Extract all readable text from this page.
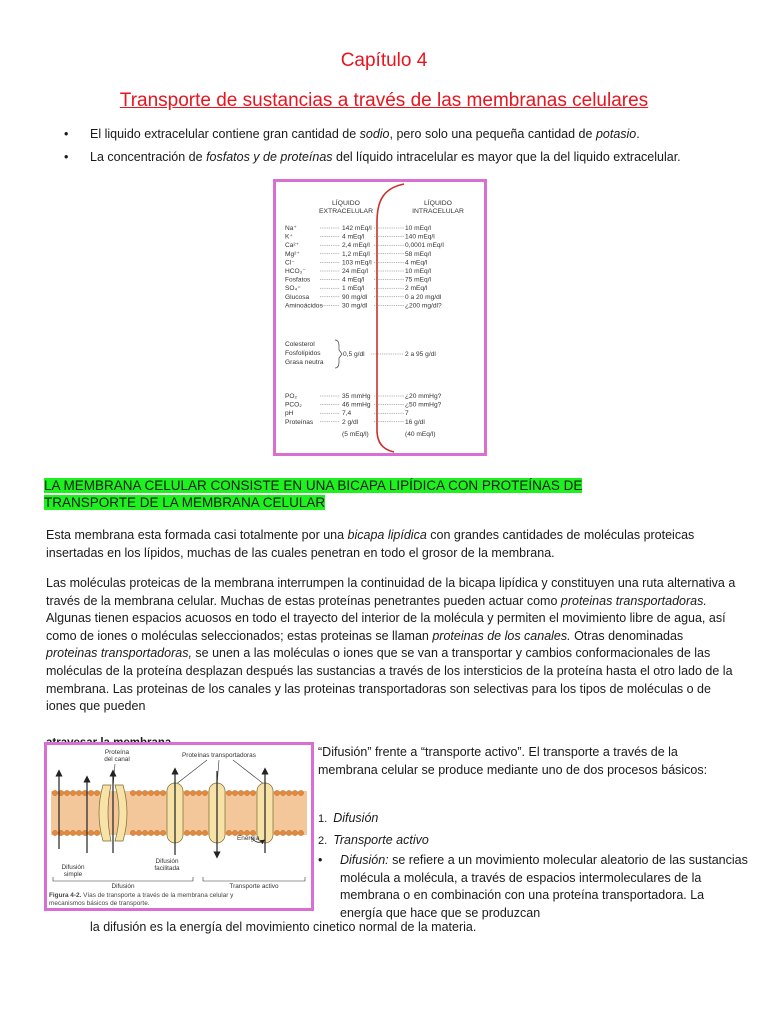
Capítulo 4
Transporte de sustancias a través de las membranas celulares
• El liquido extracelular contiene gran cantidad de sodio, pero solo una pequeña cantidad de potasio.
• La concentración de fosfatos y de proteínas del líquido intracelular es mayor que la del liquido extracelular.
LÍQUIDO
EXTRACELULAR
LÍQUIDO
INTRACELULAR
Na⁺	142 mEq/l	10 mEq/l
K⁺	4 mEq/l	140 mEq/l
Ca²⁺	2,4 mEq/l	0,0001 mEq/l
Mg²⁺	1,2 mEq/l	58 mEq/l
Cl⁻	103 mEq/l	4 mEq/l
HCO₃⁻	24 mEq/l	10 mEq/l
Fosfatos	4 mEq/l	75 mEq/l
SO₄⁼	1 mEq/l	2 mEq/l
Glucosa	90 mg/dl	0 a 20 mg/dl
Aminoácidos	30 mg/dl	¿200 mg/dl?
Colesterol
Fosfolípidos
Grasa neutra
0,5 g/dl	2 a 95 g/dl
PO₂	35 mmHg	¿20 mmHg?
PCO₂	46 mmHg	¿50 mmHg?
pH	7,4	7
Proteínas	2 g/dl	16 g/dl
(5 mEq/l)	(40 mEq/l)
LA MEMBRANA CELULAR CONSISTE EN UNA BICAPA LIPÍDICA CON PROTEÍNAS DE
TRANSPORTE DE LA MEMBRANA CELULAR
Esta membrana esta formada casi totalmente por una bicapa lipídica con grandes cantidades de moléculas proteicas insertadas en los lípidos, muchas de las cuales penetran en todo el grosor de la membrana.
Las moléculas proteicas de la membrana interrumpen la continuidad de la bicapa lipídica y constituyen una ruta alternativa a través de la membrana celular. Muchas de estas proteínas penetrantes pueden actuar como proteinas transportadoras. Algunas tienen espacios acuosos en todo el trayecto del interior de la molécula y permiten el movimiento libre de agua, así como de iones o moléculas seleccionados; estas proteinas se llaman proteinas de los canales. Otras denominadas proteinas transportadoras, se unen a las moléculas o iones que se van a transportar y cambios conformacionales de las moléculas de la proteína desplazan después las sustancias a través de los intersticios de la proteína hasta el otro lado de la membrana. Las proteinas de los canales y las proteinas transportadoras son selectivas para los tipos de moléculas o de iones que pueden
Proteína
del canal
Proteínas transportadoras
Energía
Difusión
simple
Difusión
facilitada
Difusión	Transporte activo
Figura 4-2. Vías de transporte a través de la membrana celular y
mecanismos básicos de transporte.
“Difusión” frente a “transporte activo”. El transporte a través de la membrana celular se produce mediante uno de dos procesos básicos:
1. Difusión
2. Transporte activo
• Difusión: se refiere a un movimiento molecular aleatorio de las sustancias molécula a molécula, a través de espacios intermoleculares de la membrana o en combinación con una proteína transportadora. La energía que hace que se produzcan
la difusión es la energía del movimiento cinetico normal de la materia.
